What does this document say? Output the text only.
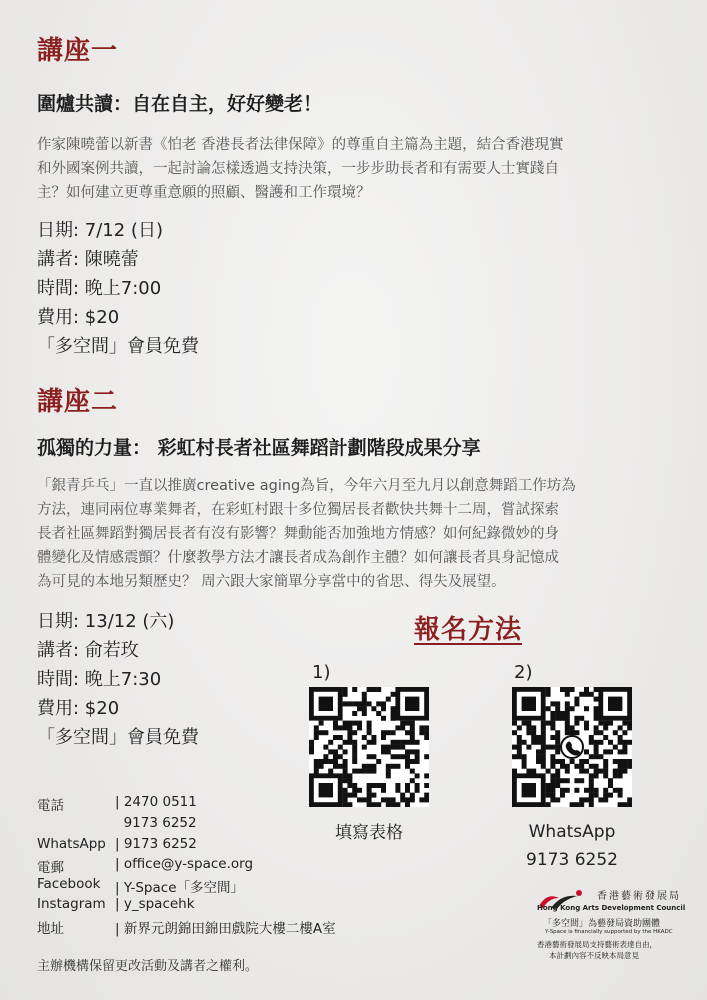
講座一
圍爐共讀：自在自主，好好變老！
作家陳曉蕾以新書《怕老 香港長者法律保障》的尊重自主篇為主題，結合香港現實
和外國案例共讀，一起討論怎樣透過支持決策，一步步助長者和有需要人士實踐自
主？如何建立更尊重意願的照顧、醫護和工作環境？
日期: 7/12 (日)
講者: 陳曉蕾
時間: 晚上7:00
費用: $20
「多空間」會員免費
講座二
孤獨的力量： 彩虹村長者社區舞蹈計劃階段成果分享
「銀青乒乓」一直以推廣creative aging為旨，今年六月至九月以創意舞蹈工作坊為
方法，連同兩位專業舞者，在彩虹村跟十多位獨居長者歡快共舞十二周，嘗試探索
長者社區舞蹈對獨居長者有沒有影響？舞動能否加強地方情感？如何紀錄微妙的身
體變化及情感震顫？什麼教學方法才讓長者成為創作主體？如何讓長者具身記憶成
為可見的本地另類歷史？ 周六跟大家簡單分享當中的省思、得失及展望。
日期: 13/12 (六)
講者: 俞若玫
時間: 晚上7:30
費用: $20
「多空間」會員免費
報名方法
1)
填寫表格
2)
WhatsApp
9173 6252
電話	| 2470 0511
9173 6252
WhatsApp | 9173 6252
電郵	| office@y-space.org
Facebook	| Y-Space「多空間」
Instagram | y_spacehk
地址	| 新界元朗錦田錦田戲院大樓二樓A室
主辦機構保留更改活動及講者之權利。
香港藝術發展局
Hong Kong Arts Development Council
「多空間」為藝發局資助團體
Y-Space is financially supported by the HKADC
香港藝術發展局支持藝術表達自由，
本計劃內容不反映本局意見
